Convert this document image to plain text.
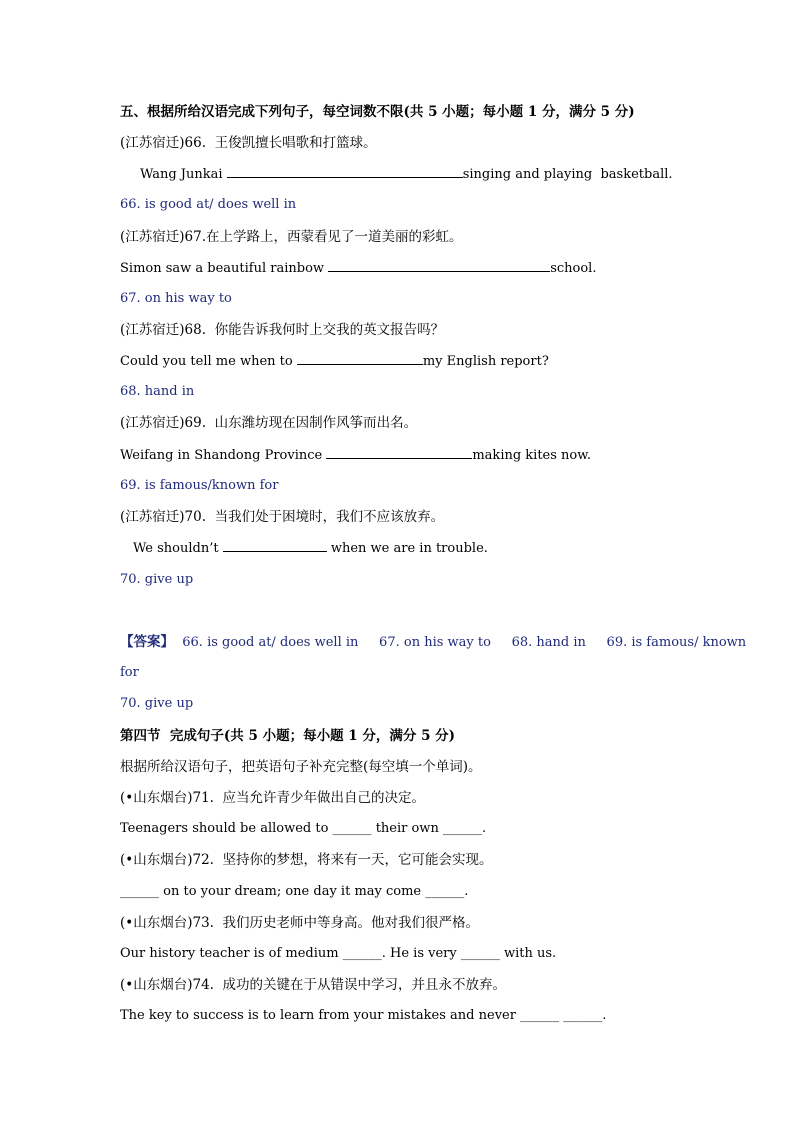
五、根据所给汉语完成下列句子，每空词数不限(共 5 小题；每小题 1 分，满分 5 分)
(江苏宿迁)66.  王俊凯擅长唱歌和打篮球。
Wang Junkai	singing and playing  basketball.
66. is good at/ does well in
(江苏宿迁)67.在上学路上，西蒙看见了一道美丽的彩虹。
Simon saw a beautiful rainbow	school.
67. on his way to
(江苏宿迁)68.  你能告诉我何时上交我的英文报告吗？
Could you tell me when to	my English report?
68. hand in
(江苏宿迁)69.  山东潍坊现在因制作风筝而出名。
Weifang in Shandong Province	making kites now.
69. is famous/known for
(江苏宿迁)70.  当我们处于困境时，我们不应该放弃。
We shouldn’t	when we are in trouble.
70. give up
【答案】  66. is good at/ does well in     67. on his way to     68. hand in     69. is famous/ known
for
70. give up
第四节  完成句子(共 5 小题；每小题 1 分，满分 5 分)
根据所给汉语句子，把英语句子补充完整(每空填一个单词)。
(•山东烟台)71.  应当允许青少年做出自己的决定。
Teenagers should be allowed to ______ their own ______.
(•山东烟台)72.  坚持你的梦想，将来有一天，它可能会实现。
______ on to your dream; one day it may come ______.
(•山东烟台)73.  我们历史老师中等身高。他对我们很严格。
Our history teacher is of medium ______. He is very ______ with us.
(•山东烟台)74.  成功的关键在于从错误中学习，并且永不放弃。
The key to success is to learn from your mistakes and never ______ ______.
